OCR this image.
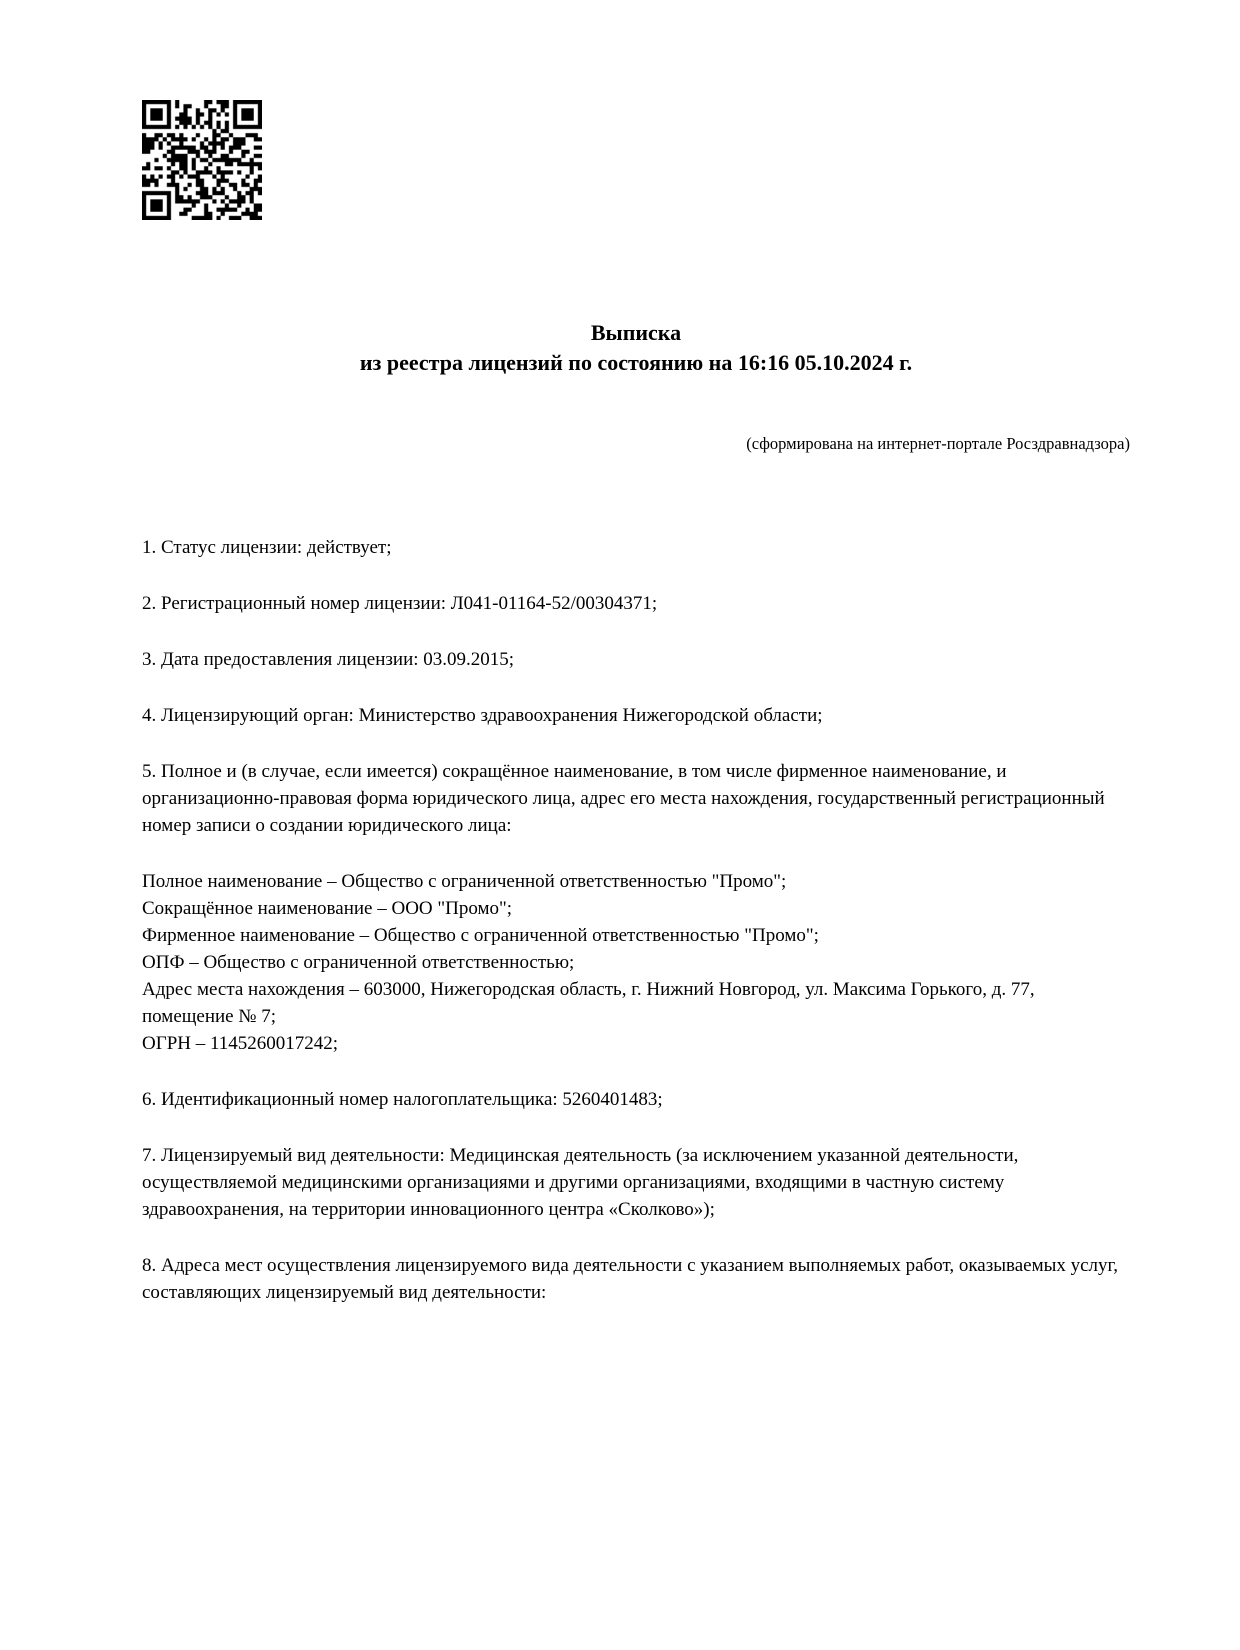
Выписка
из реестра лицензий по состоянию на 16:16 05.10.2024 г.
(сформирована на интернет-портале Росздравнадзора)
1. Статус лицензии: действует;
2. Регистрационный номер лицензии: Л041-01164-52/00304371;
3. Дата предоставления лицензии: 03.09.2015;
4. Лицензирующий орган: Министерство здравоохранения Нижегородской области;
5. Полное и (в случае, если имеется) сокращённое наименование, в том числе фирменное наименование, и организационно-правовая форма юридического лица, адрес его места нахождения, государственный регистрационный номер записи о создании юридического лица:
Полное наименование – Общество с ограниченной ответственностью "Промо";
Сокращённое наименование – ООО "Промо";
Фирменное наименование – Общество с ограниченной ответственностью "Промо";
ОПФ – Общество с ограниченной ответственностью;
Адрес места нахождения – 603000, Нижегородская область, г. Нижний Новгород, ул. Максима Горького, д. 77, помещение № 7;
ОГРН – 1145260017242;
6. Идентификационный номер налогоплательщика: 5260401483;
7. Лицензируемый вид деятельности: Медицинская деятельность (за исключением указанной деятельности, осуществляемой медицинскими организациями и другими организациями, входящими в частную систему здравоохранения, на территории инновационного центра «Сколково»);
8. Адреса мест осуществления лицензируемого вида деятельности с указанием выполняемых работ, оказываемых услуг, составляющих лицензируемый вид деятельности:
